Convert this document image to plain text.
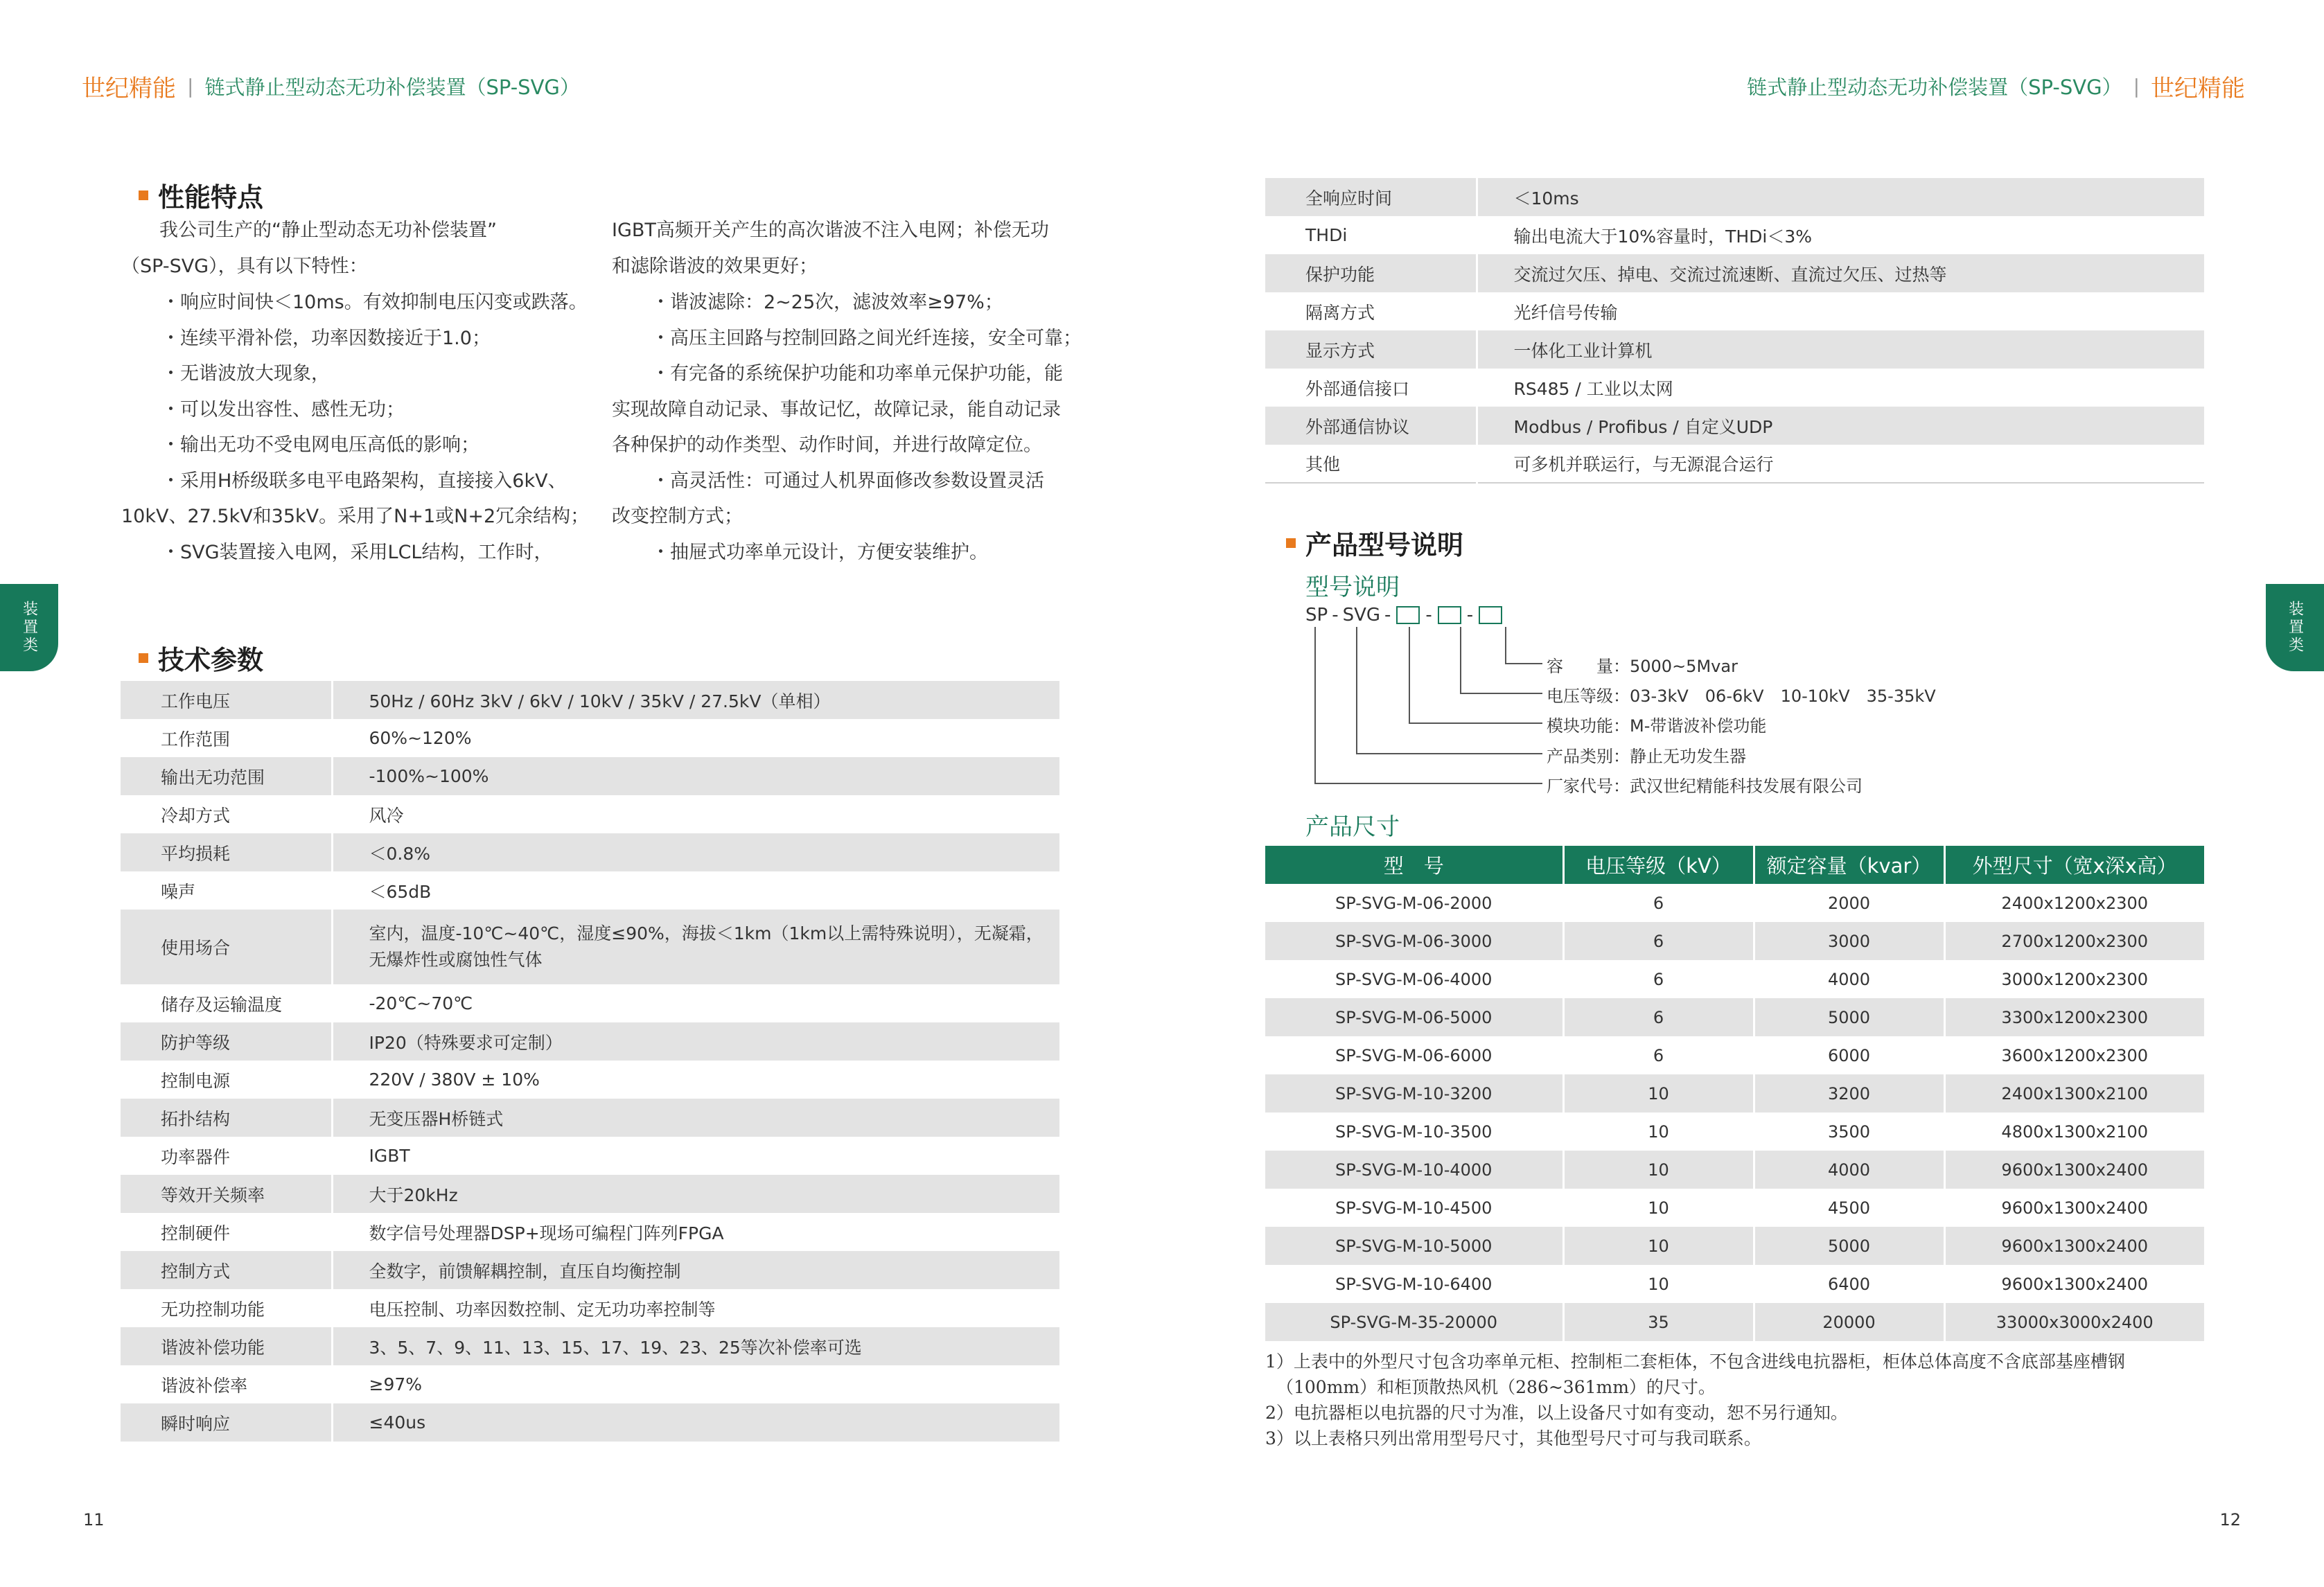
世纪精能 | 链式静止型动态无功补偿装置（SP-SVG）	链式静止型动态无功补偿装置（SP-SVG） | 世纪精能
装置类	装置类
性能特点
我公司生产的“静止型动态无功补偿装置”
（SP-SVG），具有以下特性：
・响应时间快＜10ms。有效抑制电压闪变或跌落。
・连续平滑补偿，功率因数接近于1.0；
・无谐波放大现象，
・可以发出容性、感性无功；
・输出无功不受电网电压高低的影响；
・采用H桥级联多电平电路架构，直接接入6kV、
10kV、27.5kV和35kV。采用了N+1或N+2冗余结构；
・SVG装置接入电网，采用LCL结构，工作时，
IGBT高频开关产生的高次谐波不注入电网；补偿无功
和滤除谐波的效果更好；
・谐波滤除：2~25次，滤波效率≥97%；
・高压主回路与控制回路之间光纤连接，安全可靠；
・有完备的系统保护功能和功率单元保护功能，能
实现故障自动记录、事故记忆，故障记录，能自动记录
各种保护的动作类型、动作时间，并进行故障定位。
・高灵活性：可通过人机界面修改参数设置灵活
改变控制方式；
・抽屉式功率单元设计，方便安装维护。
技术参数
工作电压	50Hz / 60Hz 3kV / 6kV / 10kV / 35kV / 27.5kV（单相）
工作范围	60%~120%
输出无功范围	-100%~100%
冷却方式	风冷
平均损耗	＜0.8%
噪声	＜65dB
使用场合	室内，温度-10℃~40℃，湿度≤90%，海拔＜1km（1km以上需特殊说明），无凝霜，
无爆炸性或腐蚀性气体

储存及运输温度	-20℃~70℃
防护等级	IP20（特殊要求可定制）
控制电源	220V / 380V ± 10%
拓扑结构	无变压器H桥链式
功率器件	IGBT
等效开关频率	大于20kHz
控制硬件	数字信号处理器DSP+现场可编程门阵列FPGA
控制方式	全数字，前馈解耦控制，直压自均衡控制
无功控制功能	电压控制、功率因数控制、定无功功率控制等
谐波补偿功能	3、5、7、9、11、13、15、17、19、23、25等次补偿率可选
谐波补偿率	≥97%
瞬时响应	≤40us
全响应时间	＜10ms
THDi	输出电流大于10%容量时，THDi＜3%
保护功能	交流过欠压、掉电、交流过流速断、直流过欠压、过热等
隔离方式	光纤信号传输
显示方式	一体化工业计算机
外部通信接口	RS485 / 工业以太网
外部通信协议	Modbus / Profibus / 自定义UDP
其他	可多机并联运行，与无源混合运行
产品型号说明
型号说明
SP - SVG - - -
容　　量：5000~5Mvar
电压等级：03-3kV　06-6kV　10-10kV　35-35kV
模块功能：M-带谐波补偿功能
产品类别：静止无功发生器
厂家代号：武汉世纪精能科技发展有限公司
产品尺寸
型　号	电压等级（kV）	额定容量（kvar）	外型尺寸（宽x深x高）
SP-SVG-M-06-2000	6	2000	2400x1200x2300
SP-SVG-M-06-3000	6	3000	2700x1200x2300
SP-SVG-M-06-4000	6	4000	3000x1200x2300
SP-SVG-M-06-5000	6	5000	3300x1200x2300
SP-SVG-M-06-6000	6	6000	3600x1200x2300
SP-SVG-M-10-3200	10	3200	2400x1300x2100
SP-SVG-M-10-3500	10	3500	4800x1300x2100
SP-SVG-M-10-4000	10	4000	9600x1300x2400
SP-SVG-M-10-4500	10	4500	9600x1300x2400
SP-SVG-M-10-5000	10	5000	9600x1300x2400
SP-SVG-M-10-6400	10	6400	9600x1300x2400
SP-SVG-M-35-20000	35	20000	33000x3000x2400
1）上表中的外型尺寸包含功率单元柜、控制柜二套柜体，不包含进线电抗器柜，柜体总体高度不含底部基座槽钢
（100mm）和柜顶散热风机（286~361mm）的尺寸。
2）电抗器柜以电抗器的尺寸为准，以上设备尺寸如有变动，恕不另行通知。
3）以上表格只列出常用型号尺寸，其他型号尺寸可与我司联系。
11	12
